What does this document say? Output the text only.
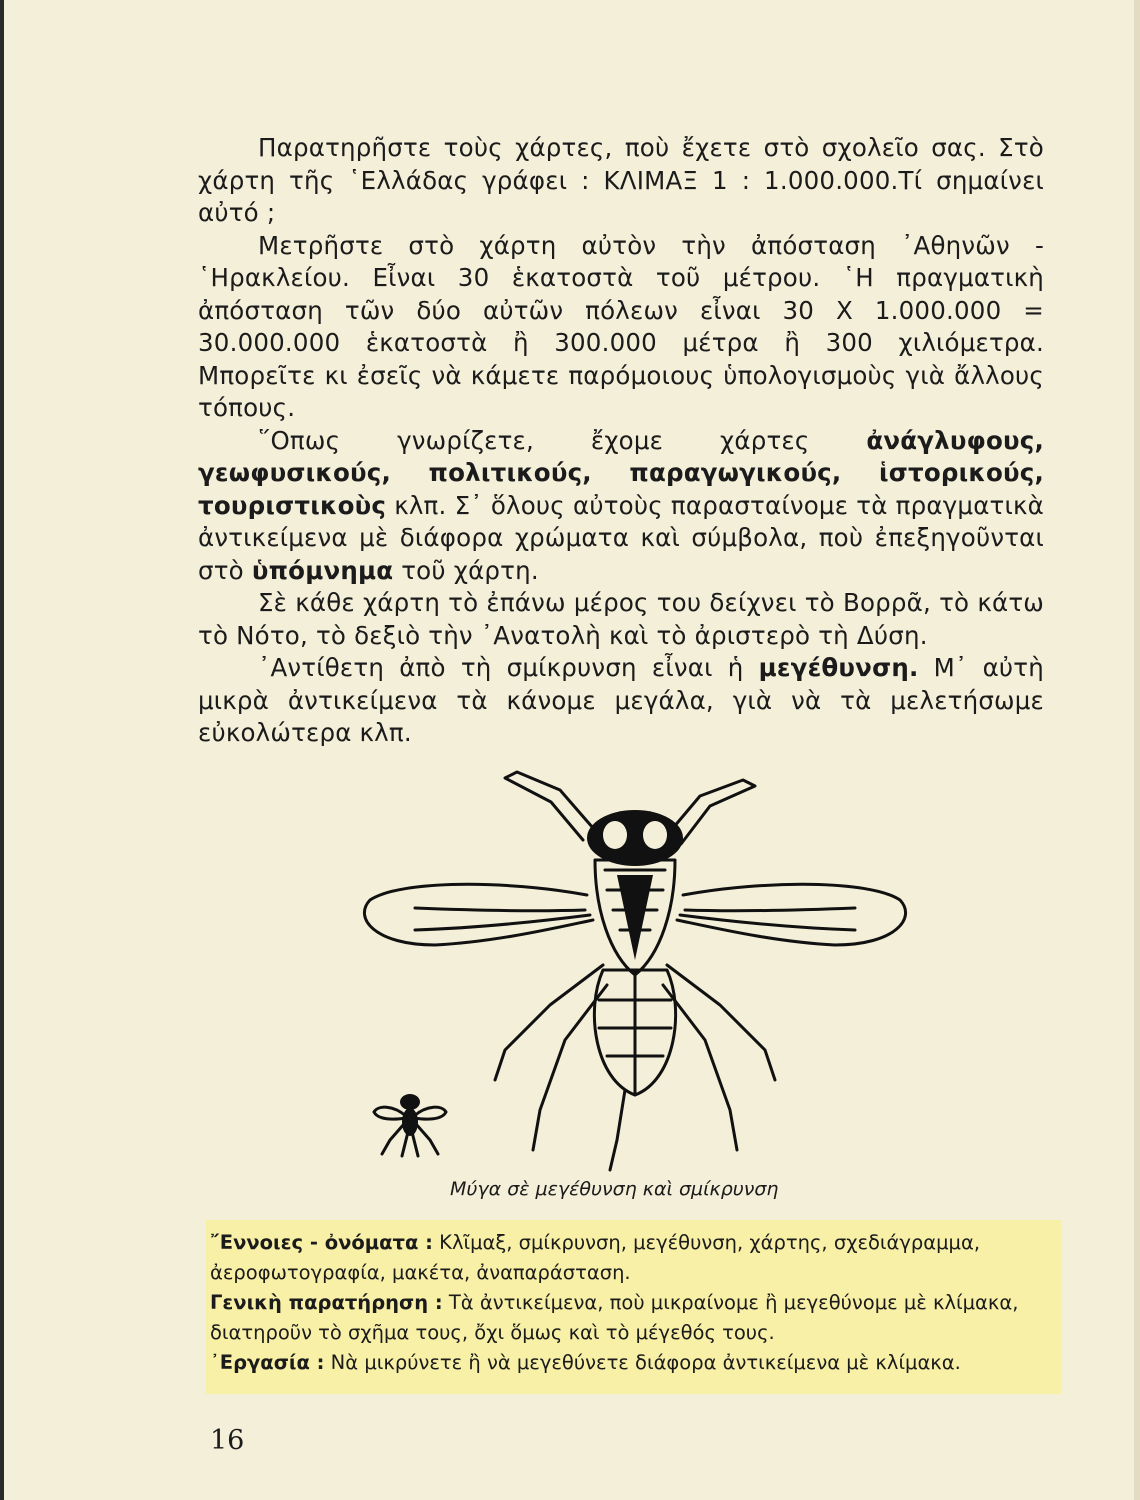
Παρατηρῆστε τοὺς χάρτες, ποὺ ἔχετε στὸ σχολεῖο σας. Στὸ χάρτη τῆς ῾Ελλάδας γράφει : ΚΛΙΜΑΞ 1 : 1.000.000.Τί σημαίνει αὐτό ;

Μετρῆστε στὸ χάρτη αὐτὸν τὴν ἀπόσταση ᾿Αθηνῶν - ῾Ηρακλείου. Εἶναι 30 ἑκατοστὰ τοῦ μέτρου. ῾Η πραγματικὴ ἀπόσταση τῶν δύο αὐτῶν πόλεων εἶναι 30 X 1.000.000 = 30.000.000 ἑκατοστὰ ἢ 300.000 μέτρα ἢ 300 χιλιόμετρα. Μπορεῖτε κι ἐσεῖς νὰ κάμετε παρόμοιους ὑπολογισμοὺς γιὰ ἄλλους τόπους.

῞Οπως γνωρίζετε, ἔχομε χάρτες ἀνάγλυφους, γεωφυσικούς, πολιτικούς, παραγωγικούς, ἱστορικούς, τουριστικοὺς κλπ. Σ᾿ ὅλους αὐτοὺς παρασταίνομε τὰ πραγματικὰ ἀντικείμενα μὲ διάφορα χρώματα καὶ σύμβολα, ποὺ ἐπεξηγοῦνται στὸ ὑπόμνημα τοῦ χάρτη.

Σὲ κάθε χάρτη τὸ ἐπάνω μέρος του δείχνει τὸ Βορρᾶ, τὸ κάτω τὸ Νότο, τὸ δεξιὸ τὴν ᾿Ανατολὴ καὶ τὸ ἀριστερὸ τὴ Δύση.

᾿Αντίθετη ἀπὸ τὴ σμίκρυνση εἶναι ἡ μεγέθυνση. Μ᾿ αὐτὴ μικρὰ ἀντικείμενα τὰ κάνομε μεγάλα, γιὰ νὰ τὰ μελετήσωμε εὐκολώτερα κλπ.

Μύγα σὲ μεγέθυνση καὶ σμίκρυνση

῎Εννοιες - ὀνόματα : Κλῖμαξ, σμίκρυνση, μεγέθυνση, χάρτης, σχεδιάγραμμα, ἀεροφωτογραφία, μακέτα, ἀναπαράσταση.

Γενικὴ παρατήρηση : Τὰ ἀντικείμενα, ποὺ μικραίνομε ἢ μεγεθύνομε μὲ κλίμακα, διατηροῦν τὸ σχῆμα τους, ὄχι ὅμως καὶ τὸ μέγεθός τους.

᾿Εργασία : Νὰ μικρύνετε ἢ νὰ μεγεθύνετε διάφορα ἀντικείμενα μὲ κλίμακα.

16
